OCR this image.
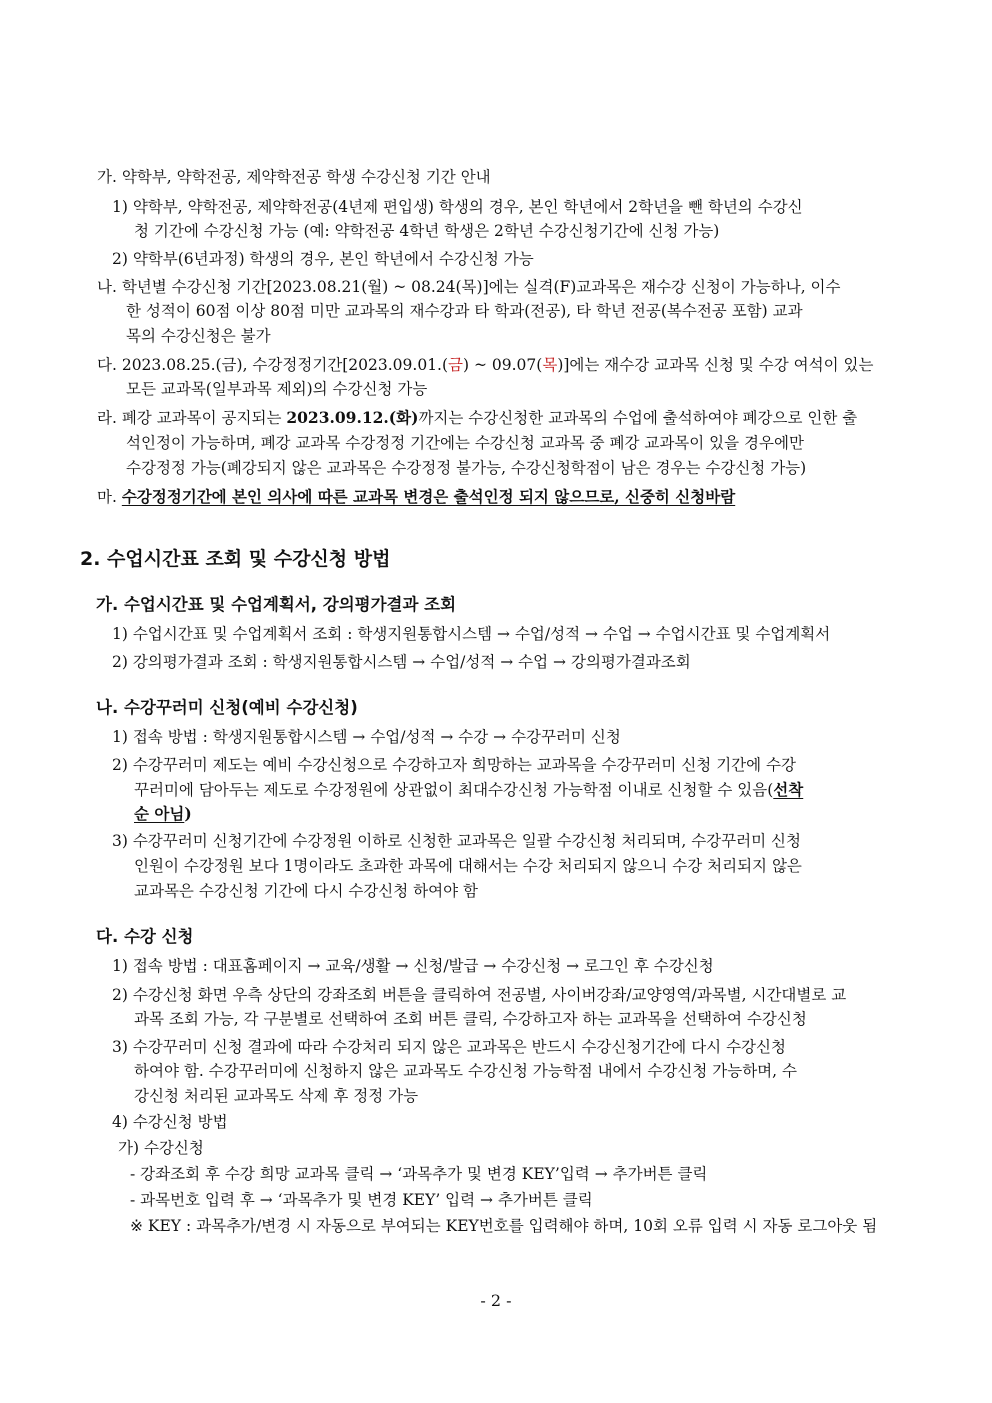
가. 약학부, 약학전공, 제약학전공 학생 수강신청 기간 안내
1) 약학부, 약학전공, 제약학전공(4년제 편입생) 학생의 경우, 본인 학년에서 2학년을 뺀 학년의 수강신
청 기간에 수강신청 가능 (예: 약학전공 4학년 학생은 2학년 수강신청기간에 신청 가능)
2) 약학부(6년과정) 학생의 경우, 본인 학년에서 수강신청 가능
나. 학년별 수강신청 기간[2023.08.21(월) ~ 08.24(목)]에는 실격(F)교과목은 재수강 신청이 가능하나, 이수
한 성적이 60점 이상 80점 미만 교과목의 재수강과 타 학과(전공), 타 학년 전공(복수전공 포함) 교과
목의 수강신청은 불가
다. 2023.08.25.(금), 수강정정기간[2023.09.01.(금) ~ 09.07(목)]에는 재수강 교과목 신청 및 수강 여석이 있는
모든 교과목(일부과목 제외)의 수강신청 가능
라. 폐강 교과목이 공지되는 2023.09.12.(화)까지는 수강신청한 교과목의 수업에 출석하여야 폐강으로 인한 출
석인정이 가능하며, 폐강 교과목 수강정정 기간에는 수강신청 교과목 중 폐강 교과목이 있을 경우에만
수강정정 가능(폐강되지 않은 교과목은 수강정정 불가능, 수강신청학점이 남은 경우는 수강신청 가능)
마. 수강정정기간에 본인 의사에 따른 교과목 변경은 출석인정 되지 않으므로, 신중히 신청바람
2. 수업시간표 조회 및 수강신청 방법
가. 수업시간표 및 수업계획서, 강의평가결과 조회
1) 수업시간표 및 수업계획서 조회 : 학생지원통합시스템 → 수업/성적 → 수업 → 수업시간표 및 수업계획서
2) 강의평가결과 조회 : 학생지원통합시스템 → 수업/성적 → 수업 → 강의평가결과조회
나. 수강꾸러미 신청(예비 수강신청)
1) 접속 방법 : 학생지원통합시스템 → 수업/성적 → 수강 → 수강꾸러미 신청
2) 수강꾸러미 제도는 예비 수강신청으로 수강하고자 희망하는 교과목을 수강꾸러미 신청 기간에 수강
꾸러미에 담아두는 제도로 수강정원에 상관없이 최대수강신청 가능학점 이내로 신청할 수 있음(선착
순 아님)
3) 수강꾸러미 신청기간에 수강정원 이하로 신청한 교과목은 일괄 수강신청 처리되며, 수강꾸러미 신청
인원이 수강정원 보다 1명이라도 초과한 과목에 대해서는 수강 처리되지 않으니 수강 처리되지 않은
교과목은 수강신청 기간에 다시 수강신청 하여야 함
다. 수강 신청
1) 접속 방법 : 대표홈페이지 → 교육/생활 → 신청/발급 → 수강신청 → 로그인 후 수강신청
2) 수강신청 화면 우측 상단의 강좌조회 버튼을 클릭하여 전공별, 사이버강좌/교양영역/과목별, 시간대별로 교
과목 조회 가능, 각 구분별로 선택하여 조회 버튼 클릭, 수강하고자 하는 교과목을 선택하여 수강신청
3) 수강꾸러미 신청 결과에 따라 수강처리 되지 않은 교과목은 반드시 수강신청기간에 다시 수강신청
하여야 함. 수강꾸러미에 신청하지 않은 교과목도 수강신청 가능학점 내에서 수강신청 가능하며, 수
강신청 처리된 교과목도 삭제 후 정정 가능
4) 수강신청 방법
가) 수강신청
- 강좌조회 후 수강 희망 교과목 클릭 → ‘과목추가 및 변경 KEY’입력 → 추가버튼 클릭
- 과목번호 입력 후 → ‘과목추가 및 변경 KEY’ 입력 → 추가버튼 클릭
※ KEY : 과목추가/변경 시 자동으로 부여되는 KEY번호를 입력해야 하며, 10회 오류 입력 시 자동 로그아웃 됨
- 2 -
